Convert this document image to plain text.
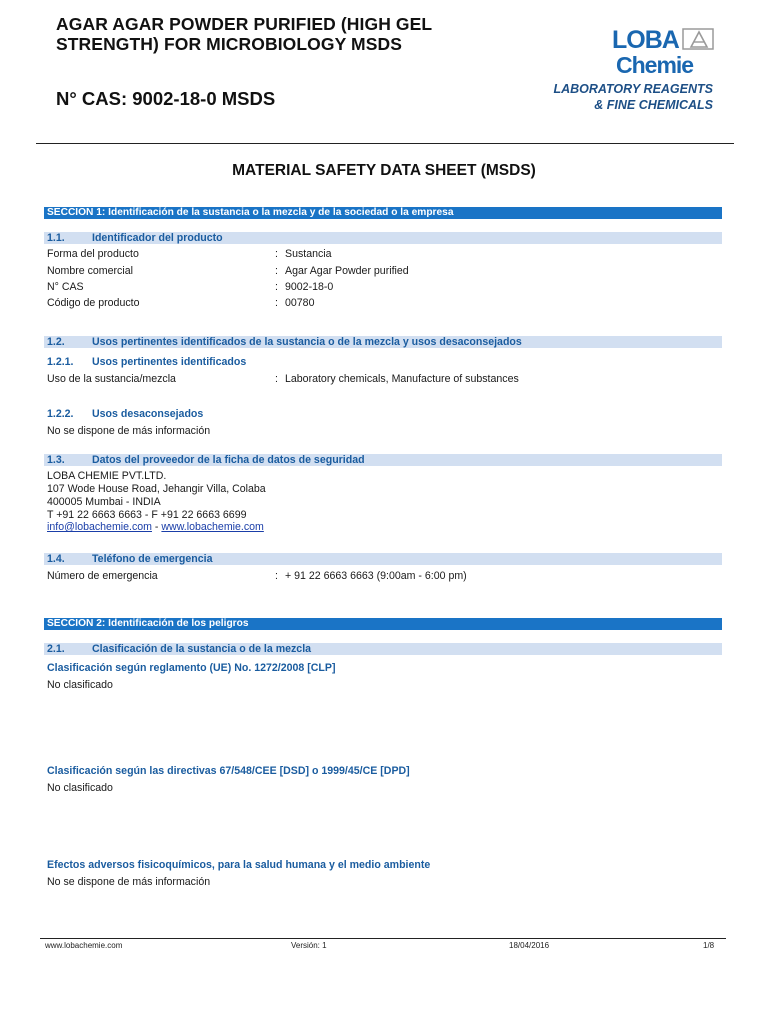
AGAR AGAR POWDER PURIFIED (HIGH GEL STRENGTH) FOR MICROBIOLOGY MSDS
N° CAS: 9002-18-0 MSDS
LOBA
Chemie
LABORATORY REAGENTS
& FINE CHEMICALS
MATERIAL SAFETY DATA SHEET (MSDS)
SECCION 1: Identificación de la sustancia o la mezcla y de la sociedad o la empresa
1.1.	Identificador del producto
Forma del producto	: Sustancia
Nombre comercial	: Agar Agar Powder purified
N° CAS	: 9002-18-0
Código de producto	: 00780
1.2.	Usos pertinentes identificados de la sustancia o de la mezcla y usos desaconsejados
1.2.1. Usos pertinentes identificados
Uso de la sustancia/mezcla	: Laboratory chemicals, Manufacture of substances
1.2.2. Usos desaconsejados
No se dispone de más información
1.3.	Datos del proveedor de la ficha de datos de seguridad
LOBA CHEMIE PVT.LTD.
107 Wode House Road, Jehangir Villa, Colaba
400005 Mumbai - INDIA
T +91 22 6663 6663 - F +91 22 6663 6699
info@lobachemie.com - www.lobachemie.com
1.4.	Teléfono de emergencia
Número de emergencia	: + 91 22 6663 6663 (9:00am - 6:00 pm)
SECCION 2: Identificación de los peligros
2.1.	Clasificación de la sustancia o de la mezcla
Clasificación según reglamento (UE) No. 1272/2008 [CLP]
No clasificado
Clasificación según las directivas 67/548/CEE [DSD] o 1999/45/CE [DPD]
No clasificado
Efectos adversos fisicoquímicos, para la salud humana y el medio ambiente
No se dispone de más información
www.lobachemie.com	Versión: 1	18/04/2016	1/8
